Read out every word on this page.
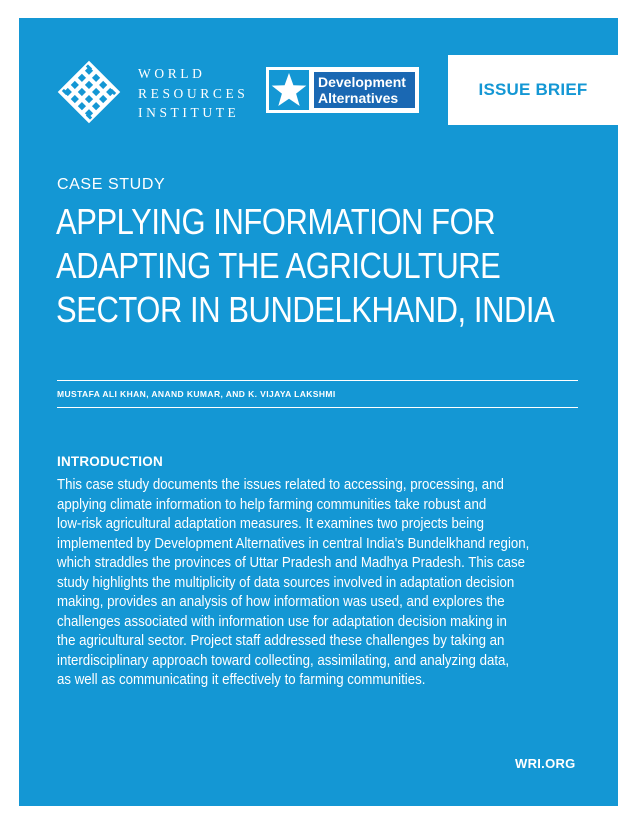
WORLD
RESOURCES
INSTITUTE
Development
Alternatives	ISSUE BRIEF
CASE STUDY
APPLYING INFORMATION FOR
ADAPTING THE AGRICULTURE
SECTOR IN BUNDELKHAND, INDIA
MUSTAFA ALI KHAN, ANAND KUMAR, AND K. VIJAYA LAKSHMI
INTRODUCTION
This case study documents the issues related to accessing, processing, and
applying climate information to help farming communities take robust and
low-risk agricultural adaptation measures. It examines two projects being
implemented by Development Alternatives in central India's Bundelkhand region,
which straddles the provinces of Uttar Pradesh and Madhya Pradesh. This case
study highlights the multiplicity of data sources involved in adaptation decision
making, provides an analysis of how information was used, and explores the
challenges associated with information use for adaptation decision making in
the agricultural sector. Project staff addressed these challenges by taking an
interdisciplinary approach toward collecting, assimilating, and analyzing data,
as well as communicating it effectively to farming communities.
WRI.ORG
